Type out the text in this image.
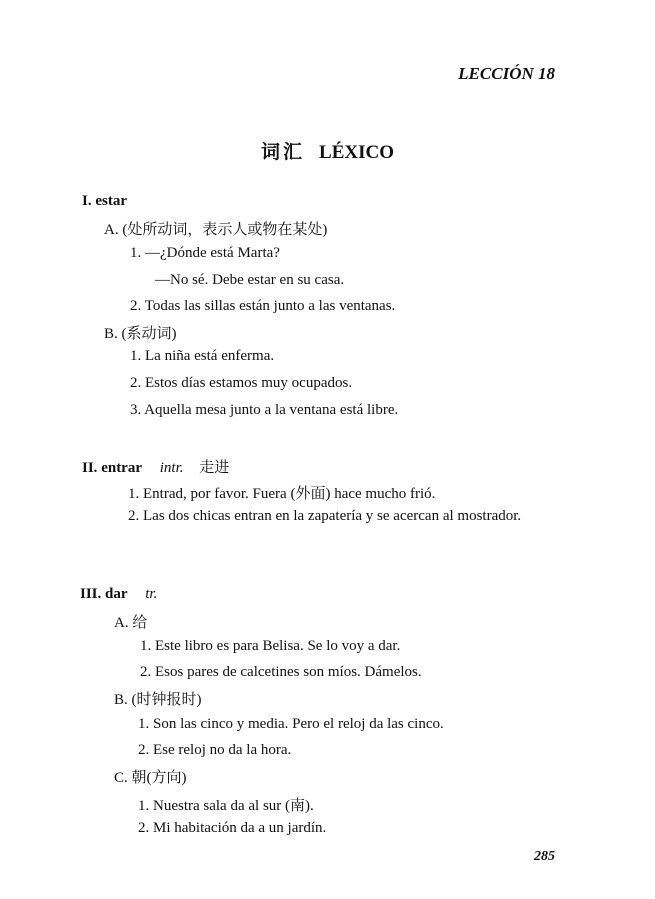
LECCIÓN 18
词汇 LÉXICO
I. estar
A. (处所动词，表示人或物在某处)
1. —¿Dónde está Marta?
—No sé. Debe estar en su casa.
2. Todas las sillas están junto a las ventanas.
B. (系动词)
1. La niña está enferma.
2. Estos días estamos muy ocupados.
3. Aquella mesa junto a la ventana está libre.
II. entrar intr. 走进
1. Entrad, por favor. Fuera (外面) hace mucho frió.
2. Las dos chicas entran en la zapatería y se acercan al mostrador.
III. dar tr.
A. 给
1. Este libro es para Belisa. Se lo voy a dar.
2. Esos pares de calcetines son míos. Dámelos.
B. (时钟报时)
1. Son las cinco y media. Pero el reloj da las cinco.
2. Ese reloj no da la hora.
C. 朝(方向)
1. Nuestra sala da al sur (南).
2. Mi habitación da a un jardín.
285
